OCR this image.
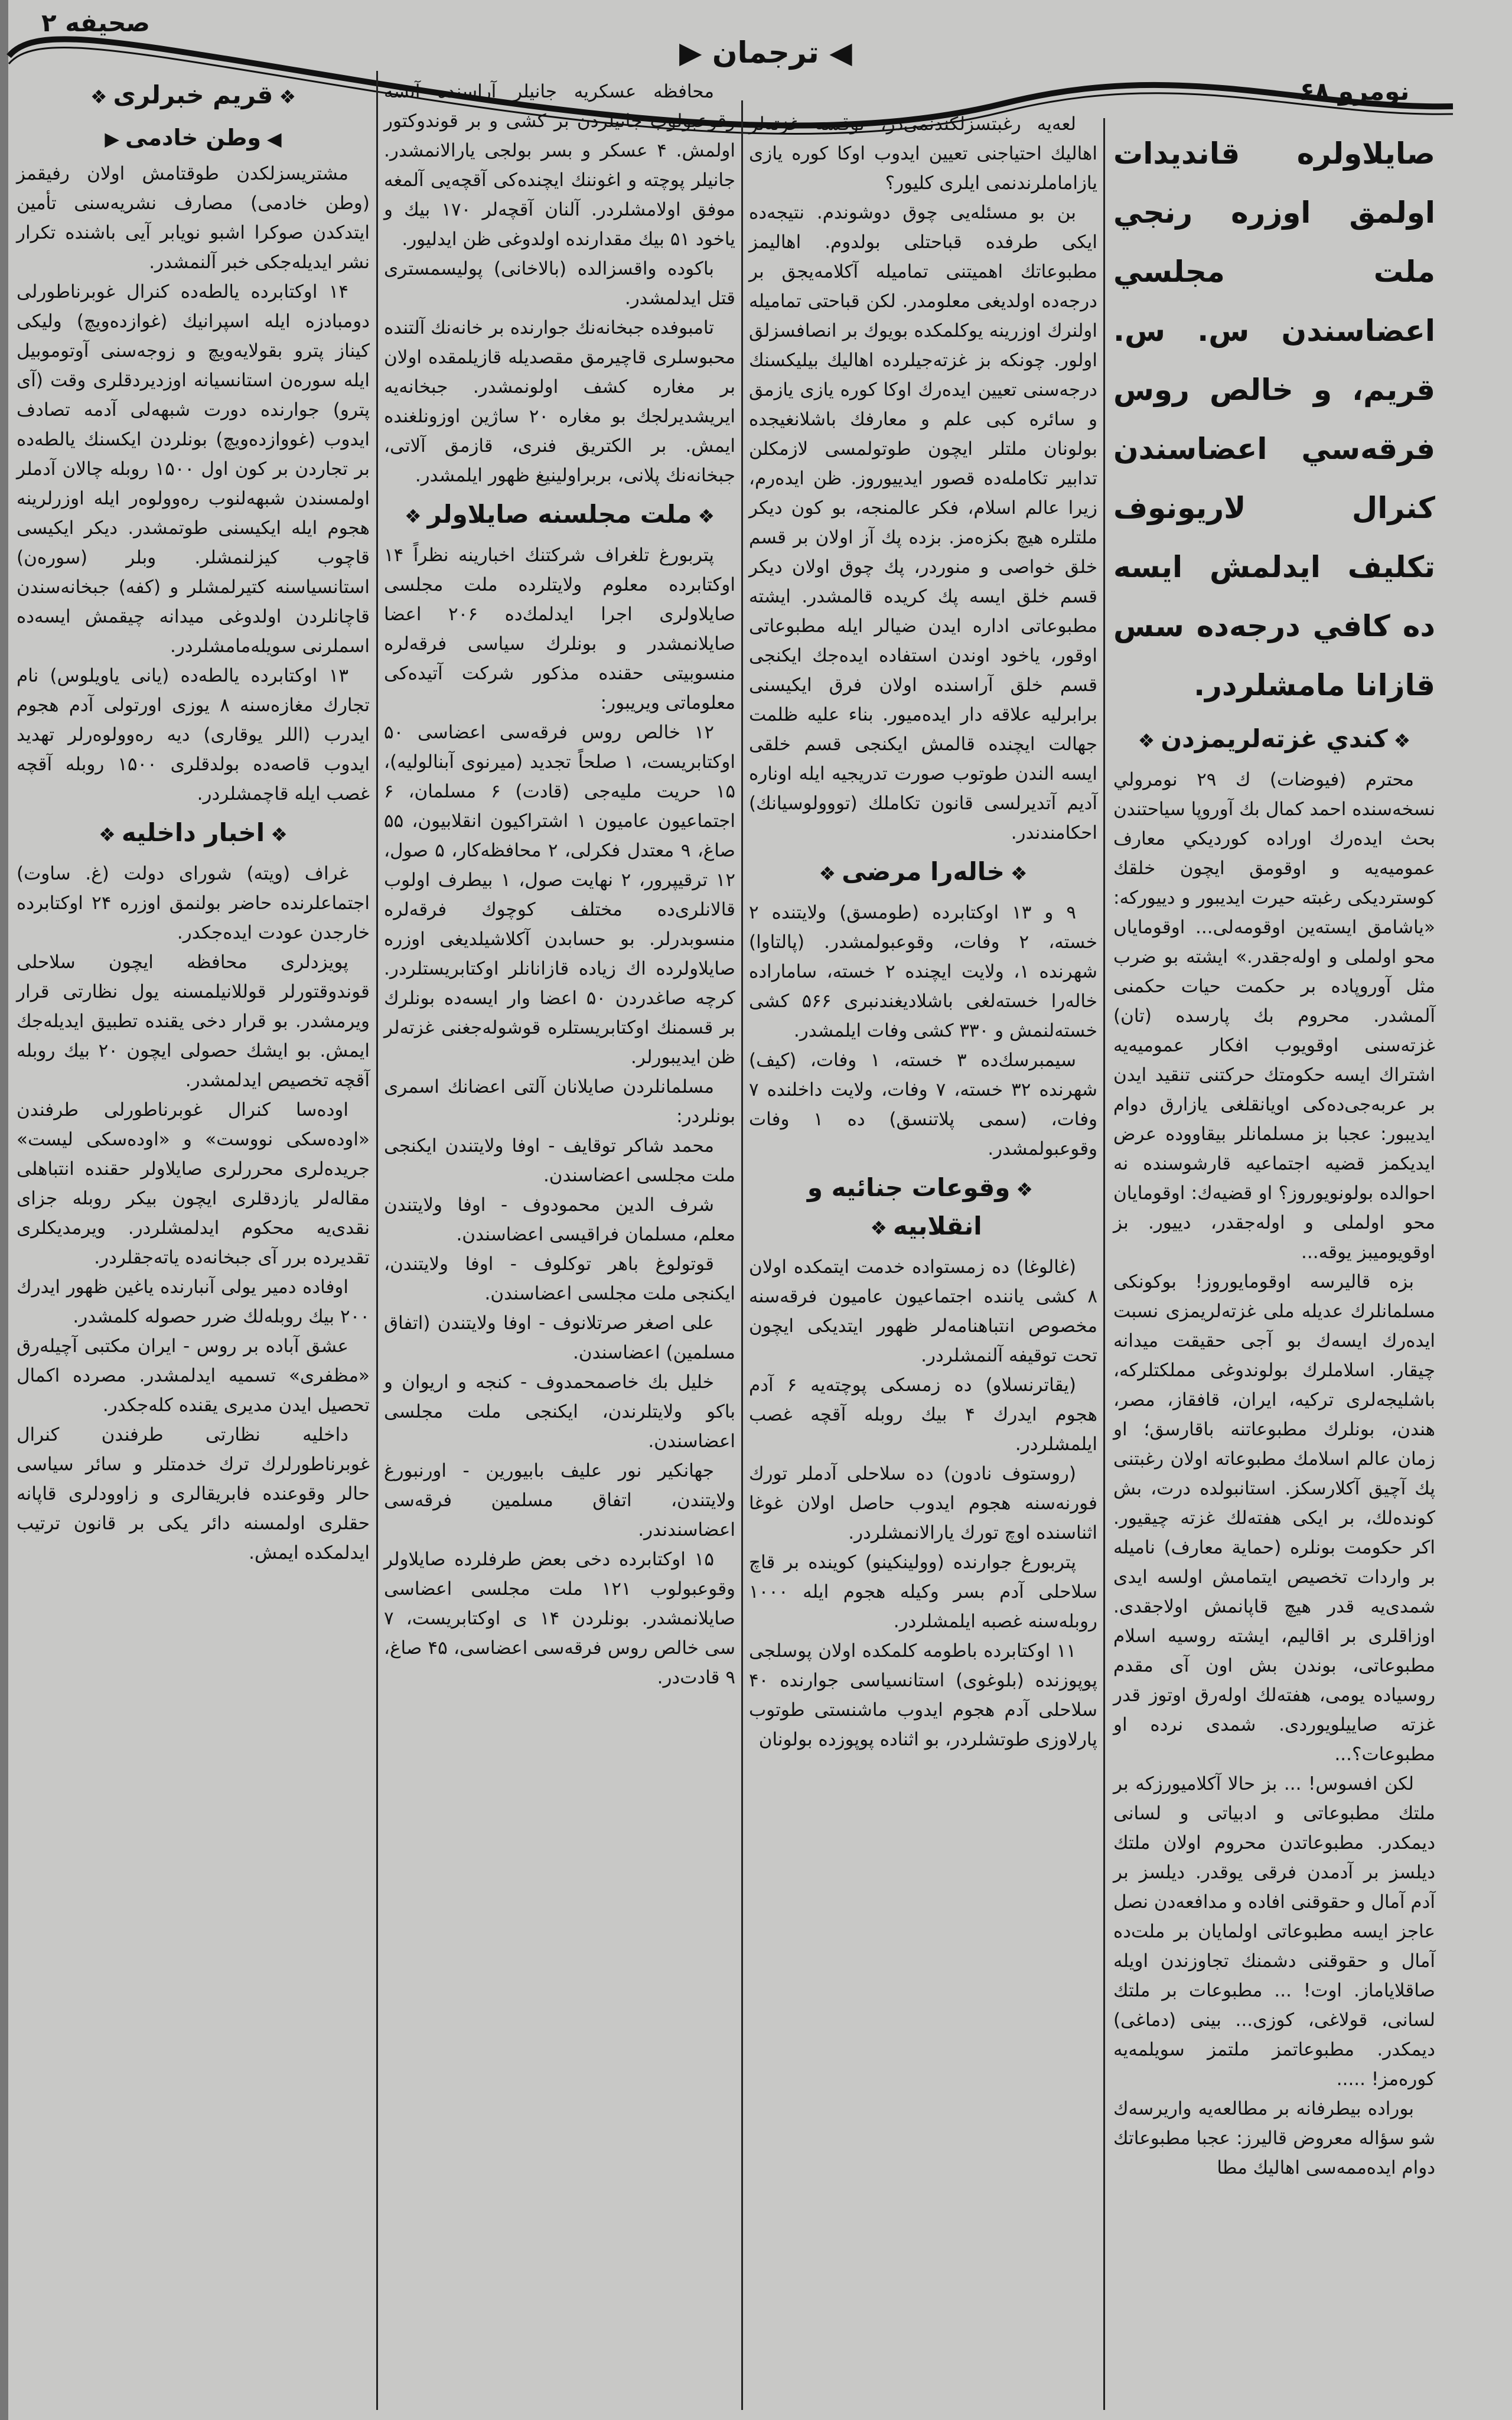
صحيفه ۲
◀ ترجمان ▶
نومرو ۶۸

صايلاولره قانديدات اولمق اوزره رنجي ملت مجلسي اعضاسندن س. س. قريم، و خالص روس فرقه‌سي اعضاسندن كنرال لاريونوف تكليف ايدلمش ايسه ده كافي درجه‌ده سس قازانا مامشلردر.

❖كندي غزته‌لريمزدن❖

محترم (فيوضات) ك ٢٩ نومرولي نسخه‌سنده احمد كمال بك آوروپا سياحتندن بحث ايده‌رك اوراده كورديكي معارف عموميه‌يه و اوقومق ايچون خلقك كوستردیكی رغبته حيرت ايديبور و دييوركه: «ياشامق ايستەين اوقومه‌لی... اوقوماياں محو اولملی و اوله‌جقدر.» ايشته بو ضرب مثل آوروپاده بر حكمت حيات حكمنی آلمشدر. محروم بك پارسده (تان) غزته‌سنی اوقويوب افكار عموميه‌يه اشتراك ايسه حكومتك حركتنی تنقيد ايدن بر عربه‌جی‌ده‌كی اويانقلغی يازارق دوام ايديبور: عجبا بز مسلمانلر بيقاووده عرض ايديكمز قضيه اجتماعيه قارشوسنده نه احوالده بولونويوروز؟ او قضيه‌ك: اوقومايان محو اولملی و اوله‌جقدر، دييور. بز اوقويوميبز يوقه...

بزه قاليرسه اوقومايوروز! بوكونكی مسلمانلرك عديله ملی غزته‌لريمزی نسبت ايده‌رك ايسه‌ك بو آجی حقيقت ميدانه چيقار. اسلاملرك بولوندوغی مملكتلركه، باشليجه‌لری تركيه، ايران، قافقاز، مصر، هندن، بونلرك مطبوعاتنه باقارسق؛ او زمان عالم اسلامك مطبوعاته اولان رغبتنی پك آچيق آكلارسكز. استانبولده درت، بش كونده‌لك، بر ايكی هفته‌لك غزته چيقيور. اكر حكومت بونلره (حماية معارف) ناميله بر واردات تخصيص ايتمامش اولسه ايدی شمدی‌يه قدر هيچ قاپانمش اولاجقدی. اوزاقلری بر اقاليم، ايشته روسيه اسلام مطبوعاتی، بوندن بش اون آی مقدم روسياده يومی، هفته‌لك اوله‌رق اوتوز قدر غزته صاييلويوردی. شمدی نرده او مطبوعات؟...

لكن افسوس! ... بز حالا آكلاميورزكه بر ملتك مطبوعاتی و ادبياتی و لسانی ديمكدر. مطبوعاتدن محروم اولان ملتك ديلسز بر آدمدن فرقی يوقدر. ديلسز بر آدم آمال و حقوقنی افاده و مدافعه‌دن نصل عاجز ايسه مطبوعاتی اولمايان بر ملت‌ده آمال و حقوقنی دشمنك تجاوزندن اويله صاقلاياماز. اوت! ... مطبوعات بر ملتك لسانی، قولاغی، كوزی... بينی (دماغی) ديمكدر. مطبوعاتمز ملتمز سويلمه‌يه كوره‌مز! .....

بوراده بيطرفانه بر مطالعه‌يه واريرسه‌ك شو سؤاله معروض قاليرز: عجبا مطبوعاتك دوام ايده‌ممه‌سی اهاليك مطا

لعه‌يه رغبتسزلكندنمی‌در، يوقسه غزته‌لر اهاليك احتياجنی تعيين ايدوب اوكا كوره يازی يازاماملرندنمی ايلری كليور؟

بن بو مسئله‌يی چوق دوشوندم. نتيجه‌ده ايكی طرفده قباحتلی بولدوم. اهاليمز مطبوعاتك اهميتنی تماميله آكلامه‌يجق بر درجه‌ده اولديغی معلومدر. لكن قباحتی تماميله اولنرك اوزرينه يوكلمكده بويوك بر انصافسزلق اولور. چونكه بز غزته‌جيلرده اهاليك بيليكسنك درجه‌سنی تعيين ايده‌رك اوكا كوره يازی يازمق و سائره كبی علم و معارفك باشلانغيجده بولونان ملتلر ايچون طوتولمسی لازمكلن تدابير تكامله‌ده قصور ايدييوروز. ظن ايده‌رم، زيرا عالم اسلام، فكر عالمنجه، بو كون ديكر ملتلره هيچ بكزه‌مز. بزده پك آز اولان بر قسم خلق خواصی و منوردر، پك چوق اولان ديكر قسم خلق ايسه پك كريده قالمشدر. ايشته مطبوعاتی اداره ايدن ضيالر ايله مطبوعاتی اوقور، ياخود اوندن استفاده ايده‌جك ايكنجی قسم خلق آراسنده اولان فرق ايكيسنی برابرليه علاقه دار ايده‌ميور. بناء عليه ظلمت جهالت ايچنده قالمش ايكنجی قسم خلقی ايسه الندن طوتوب صورت تدريجيه ايله اوناره آديم آتديرلسی قانون تكاملك (تووولوسيانك) احكامندندر.

❖خاله‌را مرضی❖

۹ و ۱۳ اوكتابرده (طومسق) ولايتنده ۲ خسته، ۲ وفات، وقوعبولمشدر. (پالتاوا) شهرنده ۱، ولايت ايچنده ۲ خسته، ساماراده خاله‌را خسته‌لغی باشلاديغندنبری ۵۶۶ كشی خسته‌لنمش و ۳۳۰ كشی وفات ايلمشدر.

سيمبرسك‌ده ۳ خسته، ۱ وفات، (كيف) شهرنده ۳۲ خسته، ۷ وفات، ولايت داخلنده ۷ وفات، (سمی پلاتنسق) ده ۱ وفات وقوعبولمشدر.

❖وقوعات جنائيه و انقلابيه❖

(غالوغا) ده زمستواده خدمت ايتمكده اولان ۸ كشی ياننده اجتماعيون عاميون فرقه‌سنه مخصوص انتباهنامه‌لر ظهور ايتديكی ايچون تحت توقيفه آلنمشلردر.

(يقاترنسلاو) ده زمسكی پوچته‌يه ۶ آدم هجوم ايدرك ۴ بيك روبله آقچه غصب ايلمشلردر.

(روستوف نادون) ده سلاحلی آدملر تورك فورنه‌سنه هجوم ايدوب حاصل اولان غوغا اثناسنده اوچ تورك يارالانمشلردر.

پتربورغ جوارنده (وولينكينو) كوينده بر قاچ سلاحلی آدم بسر وكيله هجوم ايله ۱۰۰۰ روبله‌سنه غصبه ايلمشلردر.

۱۱ اوكتابرده باطومه كلمكده اولان پوسلجی پوپوزنده (بلوغوی) استانسياسی جوارنده ۴۰ سلاحلی آدم هجوم ايدوب ماشنستی طوتوب پارلاوزی طوتشلردر، بو اثناده پوپوزده بولونان

محافظه عسكريه جانيلر آراسنده آتشه وقوعبولوب جانيلردن بر كشی و بر قوندوكتور اولمش. ۴ عسكر و بسر بولجی يارالانمشدر. جانيلر پوچته و اغوننك ايچنده‌كی آقچه‌يی آلمغه موفق اولامشلردر. آلنان آقچه‌لر ۱۷۰ بيك و ياخود ۵۱ بيك مقدارنده اولدوغی ظن ايدليور.

باكوده واقسزالده (بالاخانی) پوليسمستری قتل ايدلمشدر.

تامبوفده جبخانه‌نك جوارنده بر خانه‌نك آلتنده محبوسلری قاچيرمق مقصديله قازيلمقده اولان بر مغاره كشف اولونمشدر. جبخانه‌يه ايريشديرلجك بو مغاره ۲۰ ساژين اوزونلغنده ايمش. بر الكتريق فنری، قازمق آلاتی، جبخانه‌نك پلانی، بربراولينيغ ظهور ايلمشدر.

❖ملت مجلسنه صايلاولر❖

پتربورغ تلغراف شركتنك اخبارينه نظراً ۱۴ اوكتابرده معلوم ولايتلرده ملت مجلسی صايلاولری اجرا ايدلمك‌ده ۲۰۶ اعضا صايلانمشدر و بونلرك سياسی فرقه‌لره منسوبيتی حقنده مذكور شركت آتيده‌كی معلوماتی ويريبور:

۱۲ خالص روس فرقه‌سی اعضاسی ۵۰ اوكتابريست، ۱ صلحاً تجديد (ميرنوی آبنالوليه)، ۱۵ حريت مليه‌جی (قادت) ۶ مسلمان، ۶ اجتماعيون عاميون ۱ اشتراكيون انقلابيون، ۵۵ صاغ، ۹ معتدل فكرلی، ۲ محافظه‌كار، ۵ صول، ۱۲ ترقيپرور، ۲ نهايت صول، ۱ بيطرف اولوب قالانلری‌ده مختلف كوچوك فرقه‌لره منسوبدرلر. بو حسابدن آكلاشيلديغی اوزره صايلاولرده اك زياده قازانانلر اوكتابريستلردر. كرچه صاغدردن ۵۰ اعضا وار ايسه‌ده بونلرك بر قسمنك اوكتابريستلره قوشوله‌جغنی غزته‌لر ظن ايديبورلر.

مسلمانلردن صايلانان آلتی اعضانك اسمری بونلردر:

محمد شاكر توقايف - اوفا ولايتندن ايكنجی ملت مجلسی اعضاسندن.

شرف الدين محمودوف - اوفا ولايتندن معلم، مسلمان فراقيسی اعضاسندن.

قوتولوغ باهر توكلوف - اوفا ولايتندن، ايكنجی ملت مجلسی اعضاسندن.

علی اصغر صرتلانوف - اوفا ولايتندن (اتفاق مسلمين) اعضاسندن.

خليل بك خاصمحمدوف - كنجه و اريوان و باكو ولايتلرندن، ايكنجی ملت مجلسی اعضاسندن.

جهانكير نور عليف بابيورين - اورنبورغ ولايتندن، اتفاق مسلمين فرقه‌سی اعضاسندندر.

۱۵ اوكتابرده دخی بعض طرفلرده صايلاولر وقوعبولوب ۱۲۱ ملت مجلسی اعضاسی صايلانمشدر. بونلردن ۱۴ ی اوكتابريست، ۷ سی خالص روس فرقه‌سی اعضاسی، ۴۵ صاغ، ۹ قادت‌در.

❖قريم خبرلری❖
◀وطن خادمی▶

مشتريسزلكدن طوقتامش اولان رفيقمز (وطن خادمی) مصارف نشريه‌سنی تأمين ايتدكدن صوكرا اشبو نويابر آيی باشنده تكرار نشر ايديله‌جكی خبر آلنمشدر.

۱۴ اوكتابرده يالطه‌ده كنرال غوبرناطورلی دومبادزه ايله اسپرانيك (غوازده‌ويچ) وليكی كيناز پترو بقولايه‌ويچ و زوجه‌سنی آوتوموبيل ايله سوره‌ن استانسيانه اوزديردقلری وقت (آی پترو) جوارنده دورت شبهه‌لی آدمه تصادف ايدوب (غووازده‌ويچ) بونلردن ايكسنك يالطه‌ده بر تجاردن بر كون اول ۱۵۰۰ روبله چالان آدملر اولمسندن شبهه‌لنوب ره‌وولوه‌ر ايله اوزرلرينه هجوم ايله ايكيسنی طوتمشدر. ديكر ايكيسی قاچوب كيزلنمشلر. وبلر (سوره‌ن) استانسياسنه كتيرلمشلر و (كفه) جبخانه‌سندن قاچانلردن اولدوغی ميدانه چيقمش ايسه‌ده اسملرنی سويله‌مامشلردر.

۱۳ اوكتابرده يالطه‌ده (يانی ياويلوس) نام تجارك مغازه‌سنه ۸ يوزی اورتولی آدم هجوم ايدرب (اللر يوقاری) ديه ره‌وولوه‌رلر تهديد ايدوب قاصه‌ده بولدقلری ۱۵۰۰ روبله آقچه غصب ايله قاچمشلردر.

❖اخبار داخليه❖

غراف (ويته) شورای دولت (غ. ساوت) اجتماعلرنده حاضر بولنمق اوزره ۲۴ اوكتابرده خارجدن عودت ايده‌جكدر.

پويزدلری محافظه ايچون سلاحلی قوندوقتورلر قوللانيلمسنه يول نظارتی قرار ويرمشدر. بو قرار دخی يقنده تطبيق ايديله‌جك ايمش. بو ايشك حصولی ايچون ۲۰ بيك روبله آقچه تخصيص ايدلمشدر.

اوده‌سا كنرال غوبرناطورلی طرفندن «اوده‌سكی نووست» و «اوده‌سكی ليست» جريده‌لری محررلری صايلاولر حقنده انتباهلی مقاله‌لر يازدقلری ايچون بيكر روبله جزای نقدی‌يه محكوم ايدلمشلردر. ويرمديكلری تقديرده برر آی جبخانه‌ده ياته‌جقلردر.

اوفاده دمير يولی آنبارنده ياغين ظهور ايدرك ۲۰۰ بيك روبله‌لك ضرر حصوله كلمشدر.

عشق آباده بر روس - ايران مكتبی آچيله‌رق «مظفری» تسميه ايدلمشدر. مصرده اكمال تحصيل ايدن مديری يقنده كله‌جكدر.

داخليه نظارتی طرفندن كنرال غوبرناطورلرك ترك خدمتلر و سائر سياسی حالر وقوعنده فابريقالری و زاوودلری قاپانه حقلری اولمسنه دائر يكی بر قانون ترتيب ايدلمكده ايمش.
